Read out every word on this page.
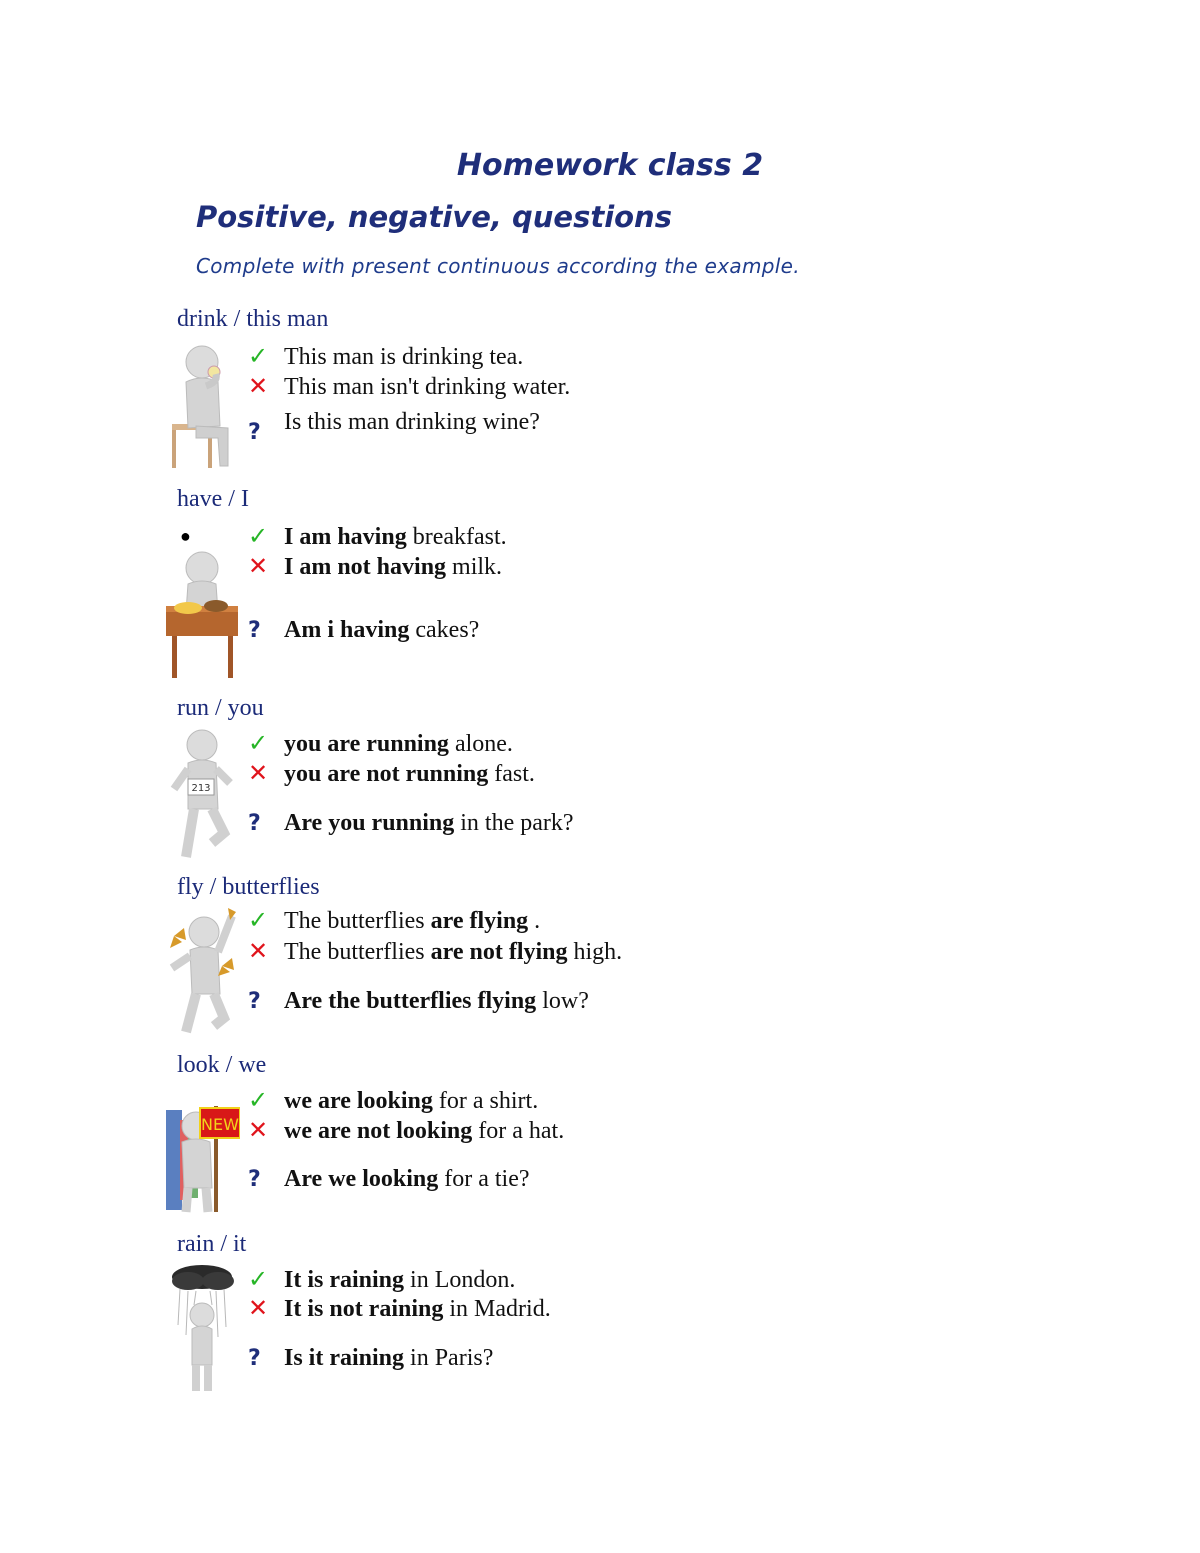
Homework class 2
Positive, negative, questions
Complete with present continuous according the example.
drink / this man
✓ This man is drinking tea.
✕ This man isn't drinking water.
? Is this man drinking wine?
have / I
● ✓ I am having breakfast.
✕ I am not having milk.
? Am i having cakes?
run / you
213
✓ you are running alone.
✕ you are not running fast.
? Are you running in the park?
fly / butterflies
✓ The butterflies are flying .
✕ The butterflies are not flying high.
? Are the butterflies flying low?
look / we
NEW
✓ we are looking for a shirt.
✕ we are not looking for a hat.
? Are we looking for a tie?
rain / it
✓ It is raining in London.
✕ It is not raining in Madrid.
? Is it raining in Paris?
